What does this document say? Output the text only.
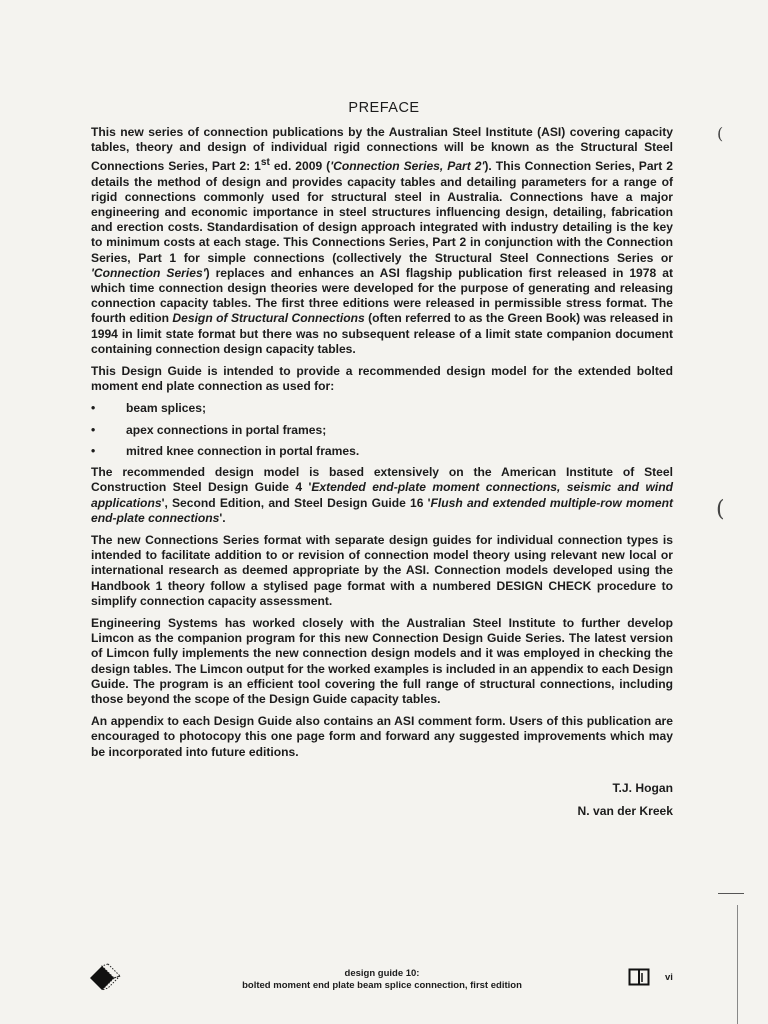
PREFACE

This new series of connection publications by the Australian Steel Institute (ASI) covering capacity tables, theory and design of individual rigid connections will be known as the Structural Steel Connections Series, Part 2: 1st ed. 2009 ('Connection Series, Part 2'). This Connection Series, Part 2 details the method of design and provides capacity tables and detailing parameters for a range of rigid connections commonly used for structural steel in Australia. Connections have a major engineering and economic importance in steel structures influencing design, detailing, fabrication and erection costs. Standardisation of design approach integrated with industry detailing is the key to minimum costs at each stage. This Connections Series, Part 2 in conjunction with the Connection Series, Part 1 for simple connections (collectively the Structural Steel Connections Series or 'Connection Series') replaces and enhances an ASI flagship publication first released in 1978 at which time connection design theories were developed for the purpose of generating and releasing connection capacity tables. The first three editions were released in permissible stress format. The fourth edition Design of Structural Connections (often referred to as the Green Book) was released in 1994 in limit state format but there was no subsequent release of a limit state companion document containing connection design capacity tables.

This Design Guide is intended to provide a recommended design model for the extended bolted moment end plate connection as used for:

•	beam splices;
•	apex connections in portal frames;
•	mitred knee connection in portal frames.

The recommended design model is based extensively on the American Institute of Steel Construction Steel Design Guide 4 'Extended end-plate moment connections, seismic and wind applications', Second Edition, and Steel Design Guide 16 'Flush and extended multiple-row moment end-plate connections'.

The new Connections Series format with separate design guides for individual connection types is intended to facilitate addition to or revision of connection model theory using relevant new local or international research as deemed appropriate by the ASI. Connection models developed using the Handbook 1 theory follow a stylised page format with a numbered DESIGN CHECK procedure to simplify connection capacity assessment.

Engineering Systems has worked closely with the Australian Steel Institute to further develop Limcon as the companion program for this new Connection Design Guide Series. The latest version of Limcon fully implements the new connection design models and it was employed in checking the design tables. The Limcon output for the worked examples is included in an appendix to each Design Guide. The program is an efficient tool covering the full range of structural connections, including those beyond the scope of the Design Guide capacity tables.

An appendix to each Design Guide also contains an ASI comment form. Users of this publication are encouraged to photocopy this one page form and forward any suggested improvements which may be incorporated into future editions.

T.J. Hogan
N. van der Kreek
design guide 10:
bolted moment end plate beam splice connection, first edition
vi
(
(
